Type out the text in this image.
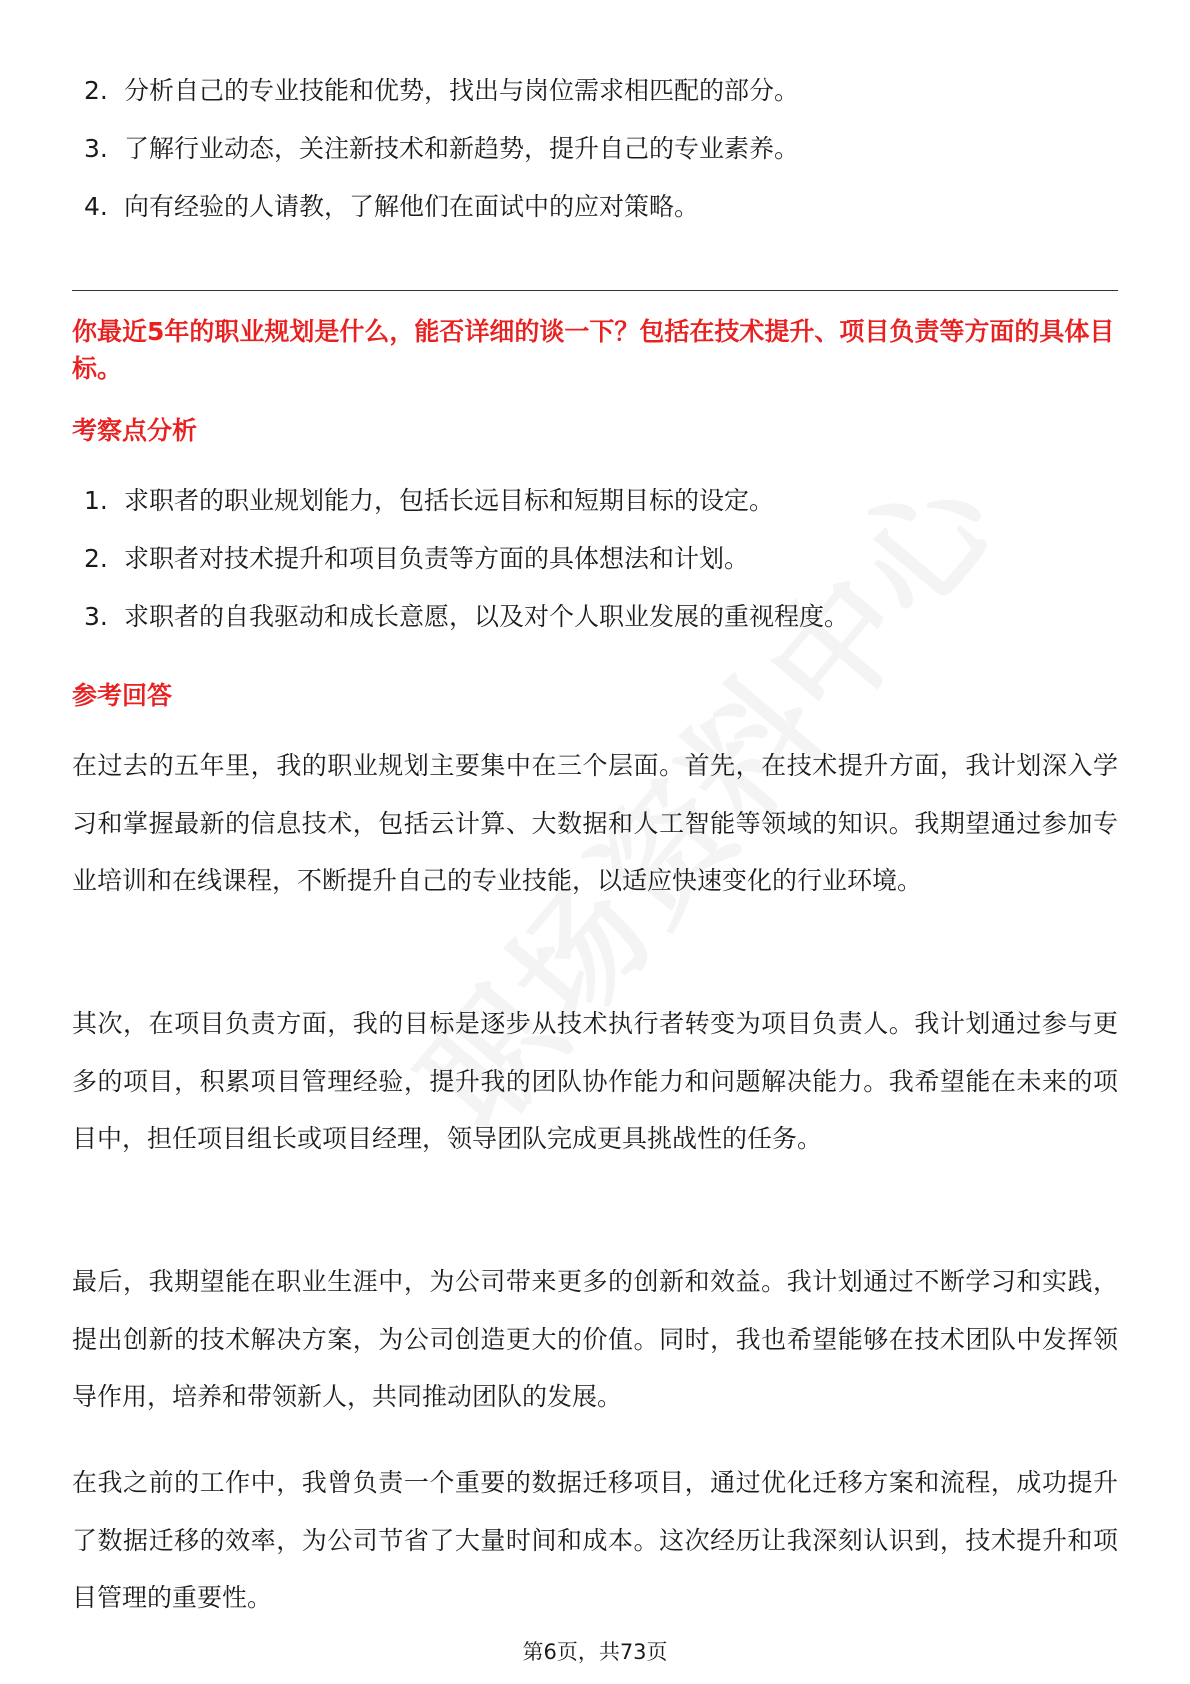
2. 分析自己的专业技能和优势，找出与岗位需求相匹配的部分。
3. 了解行业动态，关注新技术和新趋势，提升自己的专业素养。
4. 向有经验的人请教，了解他们在面试中的应对策略。
你最近5年的职业规划是什么，能否详细的谈一下？包括在技术提升、项目负责等方面的具体目标。
考察点分析
1. 求职者的职业规划能力，包括长远目标和短期目标的设定。
2. 求职者对技术提升和项目负责等方面的具体想法和计划。
3. 求职者的自我驱动和成长意愿，以及对个人职业发展的重视程度。
参考回答

在过去的五年里，我的职业规划主要集中在三个层面。首先，在技术提升方面，我计划深入学习和掌握最新的信息技术，包括云计算、大数据和人工智能等领域的知识。我期望通过参加专业培训和在线课程，不断提升自己的专业技能，以适应快速变化的行业环境。

其次，在项目负责方面，我的目标是逐步从技术执行者转变为项目负责人。我计划通过参与更多的项目，积累项目管理经验，提升我的团队协作能力和问题解决能力。我希望能在未来的项目中，担任项目组长或项目经理，领导团队完成更具挑战性的任务。

最后，我期望能在职业生涯中，为公司带来更多的创新和效益。我计划通过不断学习和实践，提出创新的技术解决方案，为公司创造更大的价值。同时，我也希望能够在技术团队中发挥领导作用，培养和带领新人，共同推动团队的发展。

在我之前的工作中，我曾负责一个重要的数据迁移项目，通过优化迁移方案和流程，成功提升了数据迁移的效率，为公司节省了大量时间和成本。这次经历让我深刻认识到，技术提升和项目管理的重要性。

第6页，共73页
